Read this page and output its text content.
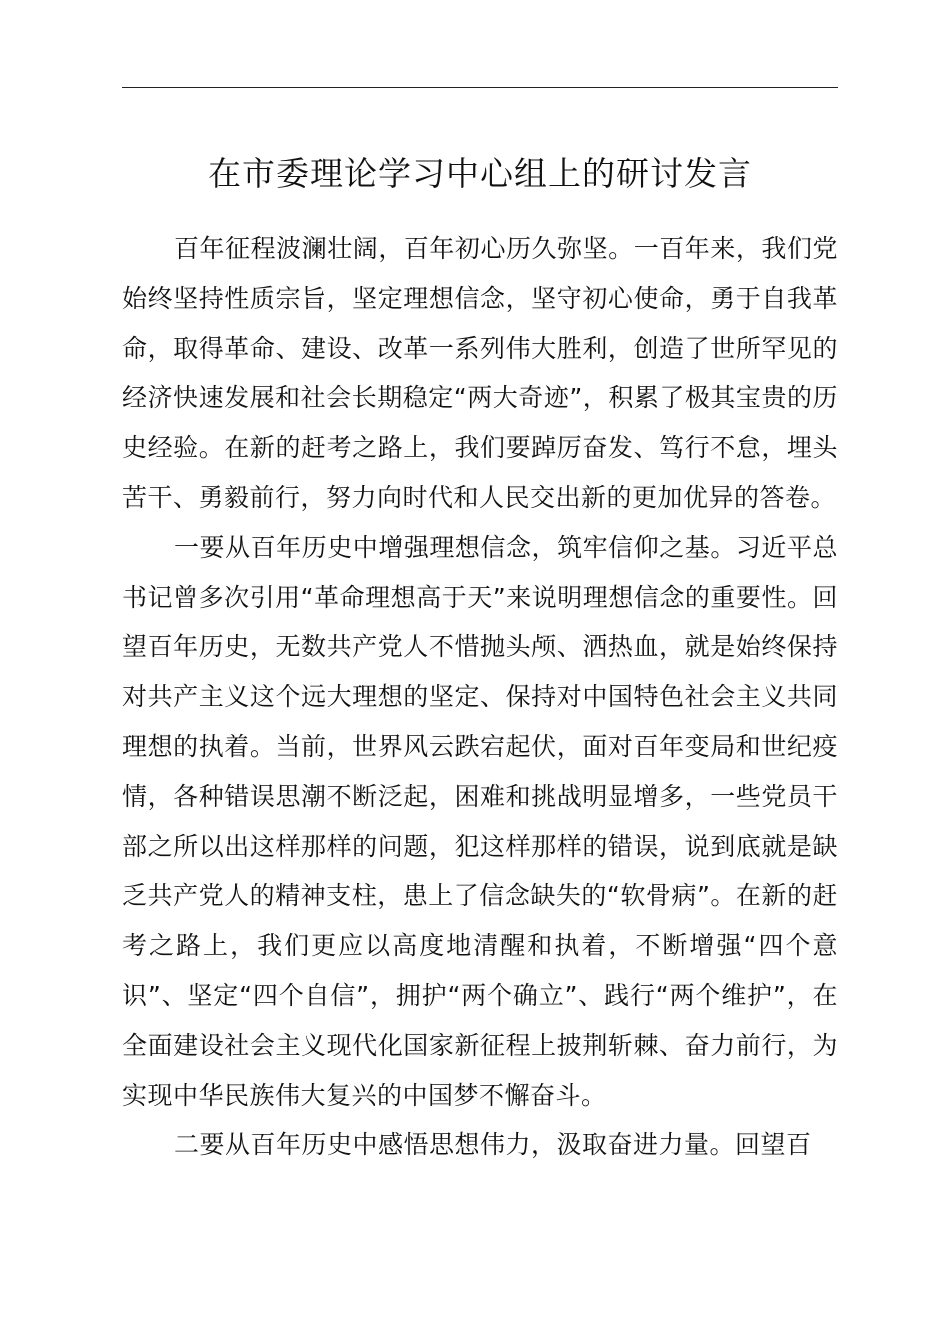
在市委理论学习中心组上的研讨发言

百年征程波澜壮阔，百年初心历久弥坚。一百年来，我们党始终坚持性质宗旨，坚定理想信念，坚守初心使命，勇于自我革命，取得革命、建设、改革一系列伟大胜利，创造了世所罕见的经济快速发展和社会长期稳定“两大奇迹”，积累了极其宝贵的历史经验。在新的赶考之路上，我们要踔厉奋发、笃行不怠，埋头苦干、勇毅前行，努力向时代和人民交出新的更加优异的答卷。

一要从百年历史中增强理想信念，筑牢信仰之基。习近平总书记曾多次引用“革命理想高于天”来说明理想信念的重要性。回望百年历史，无数共产党人不惜抛头颅、洒热血，就是始终保持对共产主义这个远大理想的坚定、保持对中国特色社会主义共同理想的执着。当前，世界风云跌宕起伏，面对百年变局和世纪疫情，各种错误思潮不断泛起，困难和挑战明显增多，一些党员干部之所以出这样那样的问题，犯这样那样的错误，说到底就是缺乏共产党人的精神支柱，患上了信念缺失的“软骨病”。在新的赶考之路上，我们更应以高度地清醒和执着，不断增强“四个意识”、坚定“四个自信”，拥护“两个确立”、践行“两个维护”，在全面建设社会主义现代化国家新征程上披荆斩棘、奋力前行，为实现中华民族伟大复兴的中国梦不懈奋斗。

二要从百年历史中感悟思想伟力，汲取奋进力量。回望百
